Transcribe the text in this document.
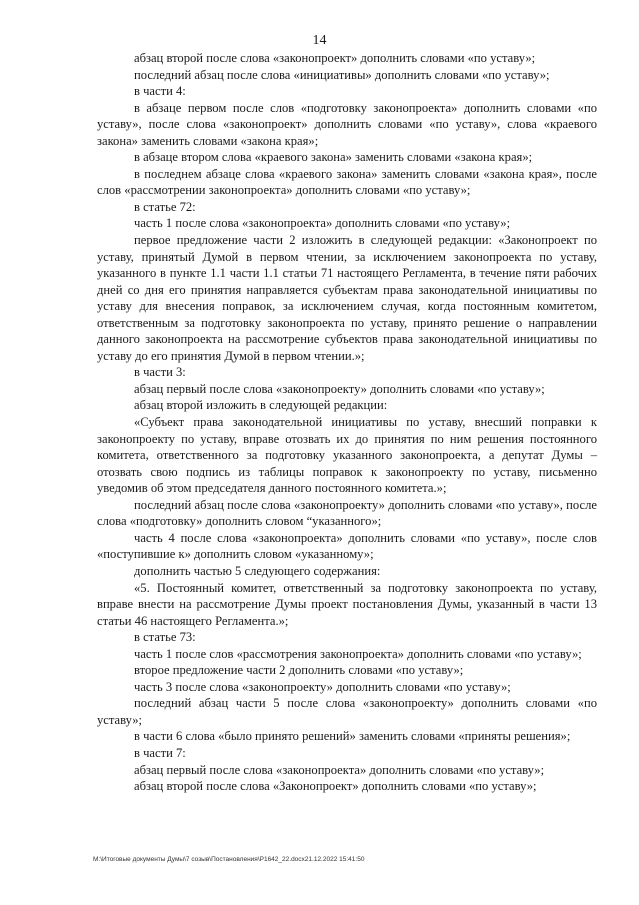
14

абзац второй после слова «законопроект» дополнить словами «по уставу»;

последний абзац после слова «инициативы» дополнить словами «по уставу»;

в части 4:

в абзаце первом после слов «подготовку законопроекта» дополнить словами «по уставу», после слова «законопроект» дополнить словами «по уставу», слова «краевого закона» заменить словами «закона края»;

в абзаце втором слова «краевого закона» заменить словами «закона края»;

в последнем абзаце слова «краевого закона» заменить словами «закона края», после слов «рассмотрении законопроекта» дополнить словами «по уставу»;

в статье 72:

часть 1 после слова «законопроекта» дополнить словами «по уставу»;

первое предложение части 2 изложить в следующей редакции: «Законопроект по уставу, принятый Думой в первом чтении, за исключением законопроекта по уставу, указанного в пункте 1.1 части 1.1 статьи 71 настоящего Регламента, в течение пяти рабочих дней со дня его принятия направляется субъектам права законодательной инициативы по уставу для внесения поправок, за исключением случая, когда постоянным комитетом, ответственным за подготовку законопроекта по уставу, принято решение о направлении данного законопроекта на рассмотрение субъектов права законодательной инициативы по уставу до его принятия Думой в первом чтении.»;

в части 3:

абзац первый после слова «законопроекту» дополнить словами «по уставу»;

абзац второй изложить в следующей редакции:

«Субъект права законодательной инициативы по уставу, внесший поправки к законопроекту по уставу, вправе отозвать их до принятия по ним решения постоянного комитета, ответственного за подготовку указанного законопроекта, а депутат Думы – отозвать свою подпись из таблицы поправок к законопроекту по уставу, письменно уведомив об этом председателя данного постоянного комитета.»;

последний абзац после слова «законопроекту» дополнить словами «по уставу», после слова «подготовку» дополнить словом “указанного»;

часть 4 после слова «законопроекта» дополнить словами «по уставу», после слов «поступившие к» дополнить словом «указанному»;

дополнить частью 5 следующего содержания:

«5. Постоянный комитет, ответственный за подготовку законопроекта по уставу, вправе внести на рассмотрение Думы проект постановления Думы, указанный в части 13 статьи 46 настоящего Регламента.»;

в статье 73:

часть 1 после слов «рассмотрения законопроекта» дополнить словами «по уставу»;

второе предложение части 2 дополнить словами «по уставу»;

часть 3 после слова «законопроекту» дополнить словами «по уставу»;

последний абзац части 5 после слова «законопроекту» дополнить словами «по уставу»;

в части 6 слова «было принято решений» заменить словами «приняты решения»;

в части 7:

абзац первый после слова «законопроекта» дополнить словами «по уставу»;

абзац второй после слова «Законопроект» дополнить словами «по уставу»;

M:\Итоговые документы Думы\7 созыв\Постановления\P1642_22.docx21.12.2022 15:41:50
